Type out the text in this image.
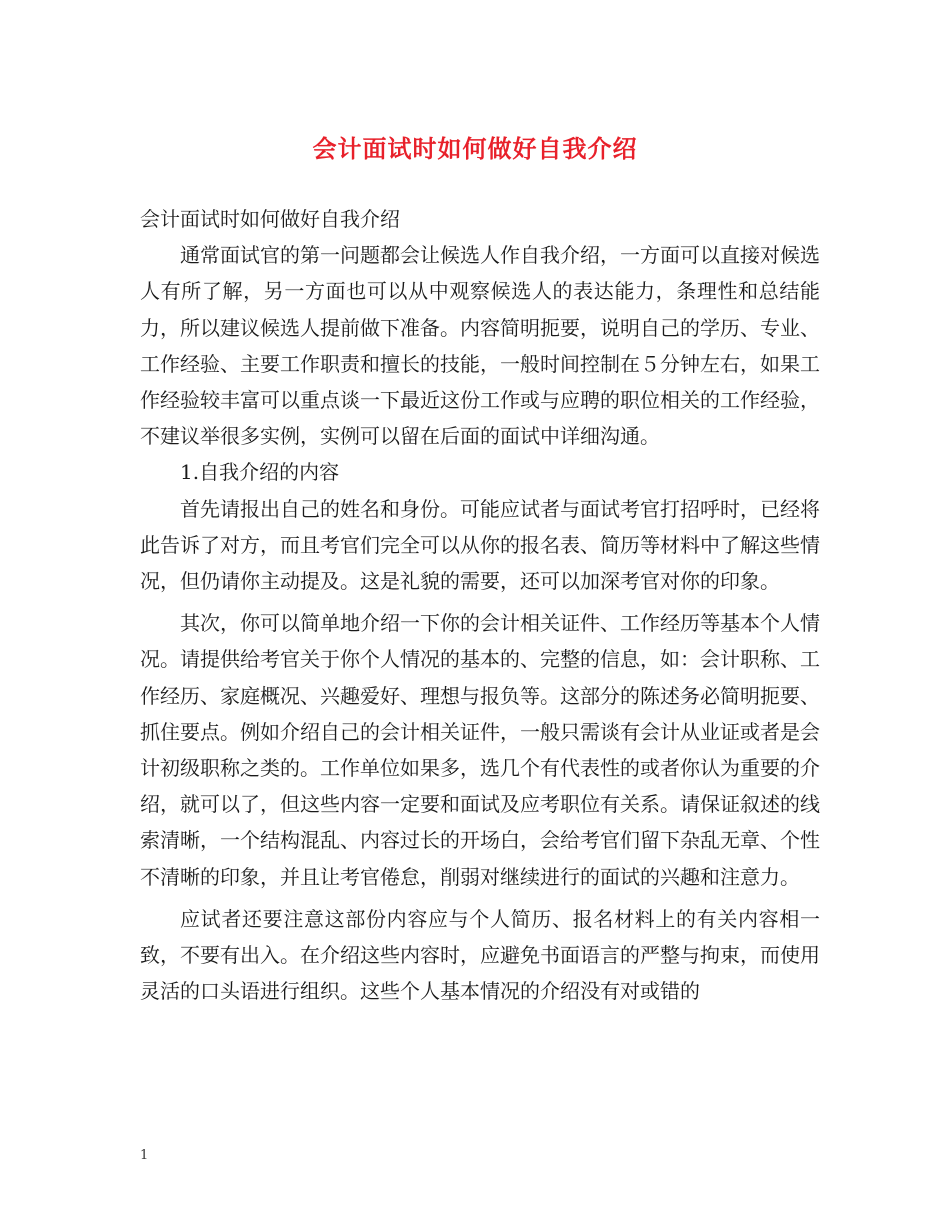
会计面试时如何做好自我介绍

会计面试时如何做好自我介绍

通常面试官的第一问题都会让候选人作自我介绍，一方面可以直接对候选人有所了解，另一方面也可以从中观察候选人的表达能力，条理性和总结能力，所以建议候选人提前做下准备。内容简明扼要，说明自己的学历、专业、工作经验、主要工作职责和擅长的技能，一般时间控制在５分钟左右，如果工作经验较丰富可以重点谈一下最近这份工作或与应聘的职位相关的工作经验，不建议举很多实例，实例可以留在后面的面试中详细沟通。

1.自我介绍的内容

首先请报出自己的姓名和身份。可能应试者与面试考官打招呼时，已经将此告诉了对方，而且考官们完全可以从你的报名表、简历等材料中了解这些情况，但仍请你主动提及。这是礼貌的需要，还可以加深考官对你的印象。

其次，你可以简单地介绍一下你的会计相关证件、工作经历等基本个人情况。请提供给考官关于你个人情况的基本的、完整的信息，如：会计职称、工作经历、家庭概况、兴趣爱好、理想与报负等。这部分的陈述务必简明扼要、抓住要点。例如介绍自己的会计相关证件，一般只需谈有会计从业证或者是会计初级职称之类的。工作单位如果多，选几个有代表性的或者你认为重要的介绍，就可以了，但这些内容一定要和面试及应考职位有关系。请保证叙述的线索清晰，一个结构混乱、内容过长的开场白，会给考官们留下杂乱无章、个性不清晰的印象，并且让考官倦怠，削弱对继续进行的面试的兴趣和注意力。

应试者还要注意这部份内容应与个人简历、报名材料上的有关内容相一致，不要有出入。在介绍这些内容时，应避免书面语言的严整与拘束，而使用灵活的口头语进行组织。这些个人基本情况的介绍没有对或错的

1
